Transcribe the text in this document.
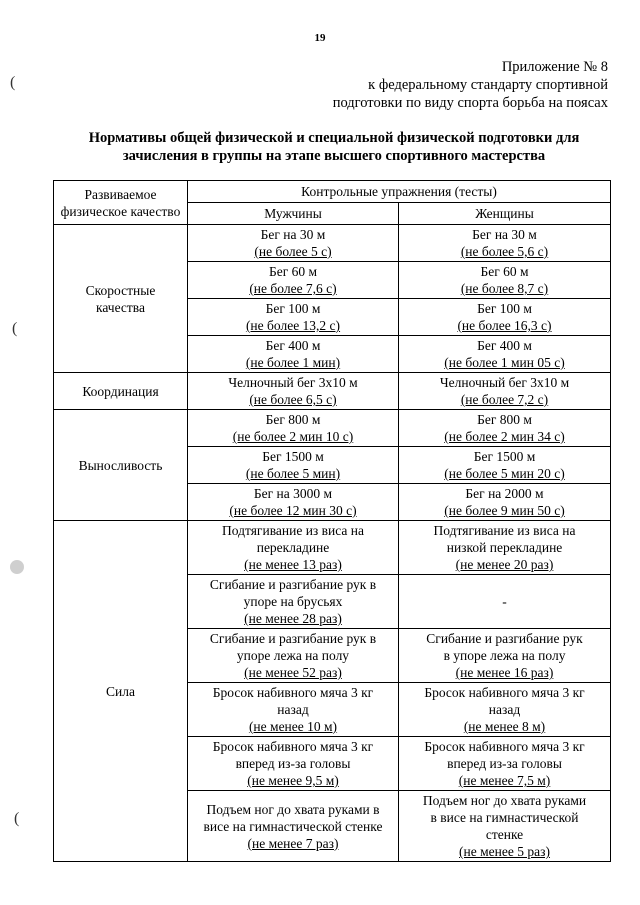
19
(
(
(
Приложение № 8
к федеральному стандарту спортивной
подготовки по виду спорта борьба на поясах
Нормативы общей физической и специальной физической подготовки для
зачисления в группы на этапе высшего спортивного мастерства
Развиваемое
физическое качество	Контрольные упражнения (тесты)	
	Мужчины	Женщины

Скоростные
качества	Бег на 30 м
(не более 5 с)	Бег на 30 м
(не более 5,6 с)

	Бег 60 м
(не более 7,6 с)	Бег 60 м
(не более 8,7 с)

	Бег 100 м
(не более 13,2 с)	Бег 100 м
(не более 16,3 с)

	Бег 400 м
(не более 1 мин)	Бег 400 м
(не более 1 мин 05 с)

Координация	Челночный бег 3x10 м
(не более 6,5 с)	Челночный бег 3x10 м
(не более 7,2 с)

Выносливость	Бег 800 м
(не более 2 мин 10 с)	Бег 800 м
(не более 2 мин 34 с)

	Бег 1500 м
(не более 5 мин)	Бег 1500 м
(не более 5 мин 20 с)

	Бег на 3000 м
(не более 12 мин 30 с)	Бег на 2000 м
(не более 9 мин 50 с)

Сила	Подтягивание из виса на
перекладине
(не менее 13 раз)	Подтягивание из виса на
низкой перекладине
(не менее 20 раз)

	Сгибание и разгибание рук в
упоре на брусьях
(не менее 28 раз)	-

	Сгибание и разгибание рук в
упоре лежа на полу
(не менее 52 раз)	Сгибание и разгибание рук
в упоре лежа на полу
(не менее 16 раз)

	Бросок набивного мяча 3 кг
назад
(не менее 10 м)	Бросок набивного мяча 3 кг
назад
(не менее 8 м)

	Бросок набивного мяча 3 кг
вперед из-за головы
(не менее 9,5 м)	Бросок набивного мяча 3 кг
вперед из-за головы
(не менее 7,5 м)

	Подъем ног до хвата руками в
висе на гимнастической стенке
(не менее 7 раз)	Подъем ног до хвата руками
в висе на гимнастической
стенке
(не менее 5 раз)
